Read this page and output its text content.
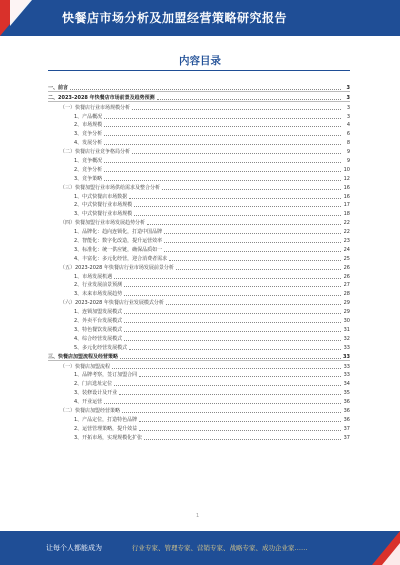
快餐店市场分析及加盟经营策略研究报告
内容目录
一、前言	3
二、2023-2028 年快餐店市场前景及趋势预测	3
（一）快餐店行业市场规模分析	3
1、产品概况	3
2、市场规模	4
3、竞争分析	6
4、发展分析	8
（二）快餐店行业竞争格局分析	9
1、竞争概况	9
2、竞争分析	10
3、竞争策略	12
（三）快餐加盟行业市场供给需求及整合分析	16
1、中式快餐店市场数据	16
2、中式快餐行业市场规模	17
3、中式快餐行业市场规模	18
（四）快餐加盟行业市场发展趋势分析	22
1、品牌化：趋向连锁化，打造中国品牌	22
2、智能化：数字化改造，提升运营效率	23
3、标准化：统一供应链，确保品质如一	24
4、丰富化：多元化经营，迎合消费者需求	25
（五）2023-2028 年快餐店行业市场发展前景分析	26
1、市场发展机遇	26
2、行业发展前景预测	27
3、未来市场发展趋势	28
（六）2023-2028 年快餐店行业发展模式分析	29
1、连锁加盟发展模式	29
2、外卖平台发展模式	30
3、特色餐饮发展模式	31
4、综合经营发展模式	32
5、多元化经营发展模式	33
三、快餐店加盟流程及经营策略	33
（一）快餐店加盟流程	33
1、品牌考察，签订加盟合同	33
2、门店选址定位	34
3、装修设计及开业	35
4、开业运营	36
（二）快餐店加盟经营策略	36
1、产品定位，打造特色品牌	36
2、运营管理策略，提升效益	37
3、开拓市场，实现规模化扩张	37
1
让每个人都能成为	行业专家、管理专家、营销专家、战略专家、成功企业家……
